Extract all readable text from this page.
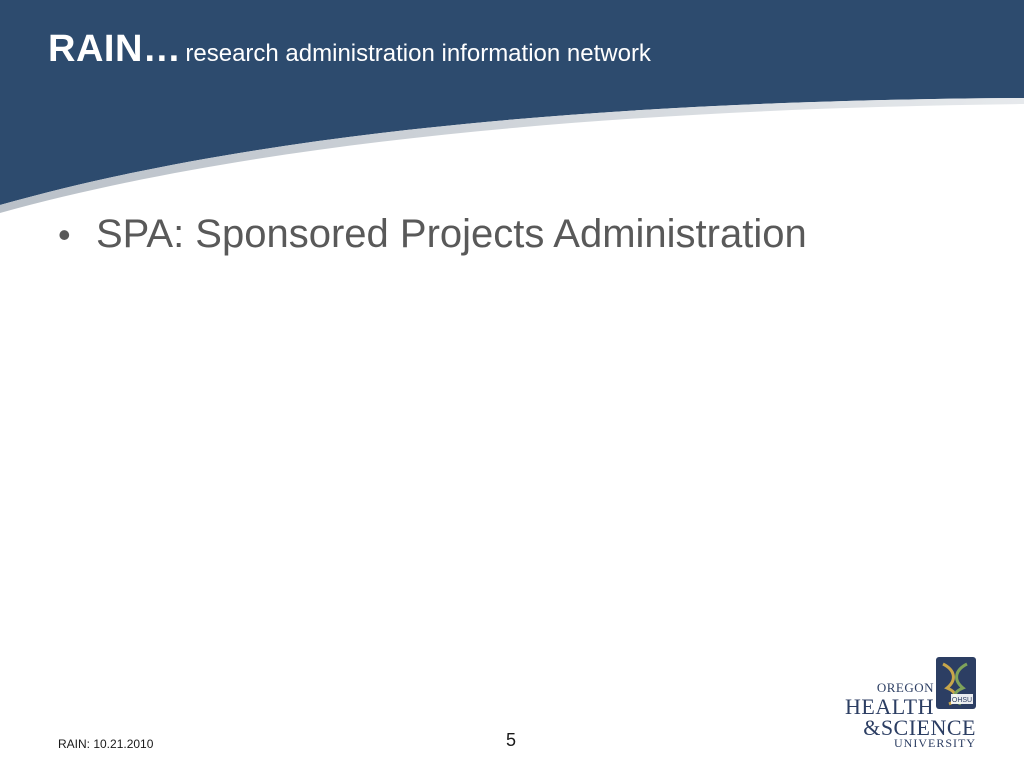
RAIN… research administration information network
• SPA: Sponsored Projects Administration
RAIN: 10.21.2010	5
OHSU
OREGON
HEALTH
&SCIENCE
UNIVERSITY
